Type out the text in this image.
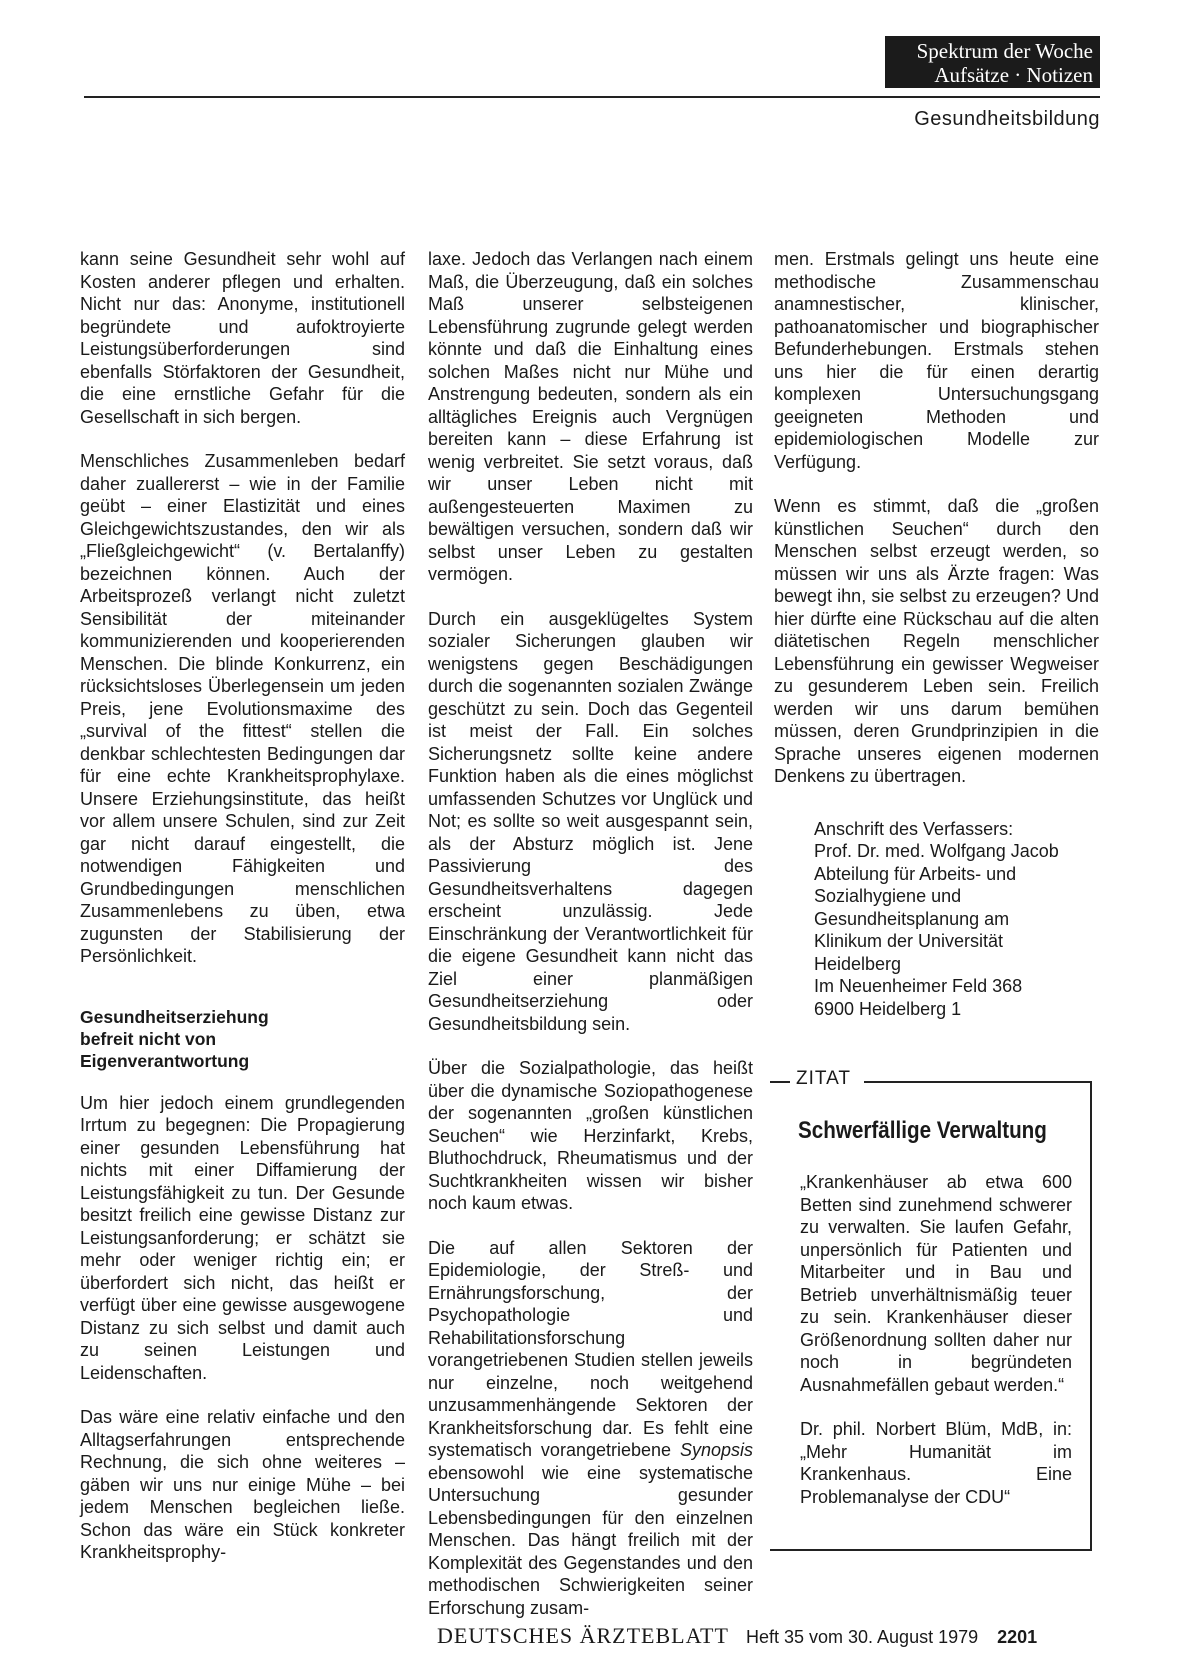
Spektrum der Woche
Aufsätze · Notizen
Gesundheitsbildung

kann seine Gesundheit sehr wohl auf Kosten anderer pflegen und erhalten. Nicht nur das: Anonyme, institutionell begründete und aufoktroyierte Leistungsüberforderungen sind ebenfalls Störfaktoren der Gesundheit, die eine ernstliche Gefahr für die Gesellschaft in sich bergen.

Menschliches Zusammenleben bedarf daher zuallererst – wie in der Familie geübt – einer Elastizität und eines Gleichgewichtszustandes, den wir als „Fließgleichgewicht“ (v. Bertalanffy) bezeichnen können. Auch der Arbeitsprozeß verlangt nicht zuletzt Sensibilität der miteinander kommunizierenden und kooperierenden Menschen. Die blinde Konkurrenz, ein rücksichtsloses Überlegensein um jeden Preis, jene Evolutionsmaxime des „survival of the fittest“ stellen die denkbar schlechtesten Bedingungen dar für eine echte Krankheitsprophylaxe. Unsere Erziehungsinstitute, das heißt vor allem unsere Schulen, sind zur Zeit gar nicht darauf eingestellt, die notwendigen Fähigkeiten und Grundbedingungen menschlichen Zusammenlebens zu üben, etwa zugunsten der Stabilisierung der Persönlichkeit.

Gesundheitserziehung
befreit nicht von
Eigenverantwortung

Um hier jedoch einem grundlegenden Irrtum zu begegnen: Die Propagierung einer gesunden Lebensführung hat nichts mit einer Diffamierung der Leistungsfähigkeit zu tun. Der Gesunde besitzt freilich eine gewisse Distanz zur Leistungsanforderung; er schätzt sie mehr oder weniger richtig ein; er überfordert sich nicht, das heißt er verfügt über eine gewisse ausgewogene Distanz zu sich selbst und damit auch zu seinen Leistungen und Leidenschaften.

Das wäre eine relativ einfache und den Alltagserfahrungen entsprechende Rechnung, die sich ohne weiteres – gäben wir uns nur einige Mühe – bei jedem Menschen begleichen ließe. Schon das wäre ein Stück konkreter Krankheitsprophy-

laxe. Jedoch das Verlangen nach einem Maß, die Überzeugung, daß ein solches Maß unserer selbsteigenen Lebensführung zugrunde gelegt werden könnte und daß die Einhaltung eines solchen Maßes nicht nur Mühe und Anstrengung bedeuten, sondern als ein alltägliches Ereignis auch Vergnügen bereiten kann – diese Erfahrung ist wenig verbreitet. Sie setzt voraus, daß wir unser Leben nicht mit außengesteuerten Maximen zu bewältigen versuchen, sondern daß wir selbst unser Leben zu gestalten vermögen.

Durch ein ausgeklügeltes System sozialer Sicherungen glauben wir wenigstens gegen Beschädigungen durch die sogenannten sozialen Zwänge geschützt zu sein. Doch das Gegenteil ist meist der Fall. Ein solches Sicherungsnetz sollte keine andere Funktion haben als die eines möglichst umfassenden Schutzes vor Unglück und Not; es sollte so weit ausgespannt sein, als der Absturz möglich ist. Jene Passivierung des Gesundheitsverhaltens dagegen erscheint unzulässig. Jede Einschränkung der Verantwortlichkeit für die eigene Gesundheit kann nicht das Ziel einer planmäßigen Gesundheitserziehung oder Gesundheitsbildung sein.

Über die Sozialpathologie, das heißt über die dynamische Soziopathogenese der sogenannten „großen künstlichen Seuchen“ wie Herzinfarkt, Krebs, Bluthochdruck, Rheumatismus und der Suchtkrankheiten wissen wir bisher noch kaum etwas.

Die auf allen Sektoren der Epidemiologie, der Streß- und Ernährungsforschung, der Psychopathologie und Rehabilitationsforschung vorangetriebenen Studien stellen jeweils nur einzelne, noch weitgehend unzusammenhängende Sektoren der Krankheitsforschung dar. Es fehlt eine systematisch vorangetriebene Synopsis ebensowohl wie eine systematische Untersuchung gesunder Lebensbedingungen für den einzelnen Menschen. Das hängt freilich mit der Komplexität des Gegenstandes und den methodischen Schwierigkeiten seiner Erforschung zusam-

men. Erstmals gelingt uns heute eine methodische Zusammenschau anamnestischer, klinischer, pathoanatomischer und biographischer Befunderhebungen. Erstmals stehen uns hier die für einen derartig komplexen Untersuchungsgang geeigneten Methoden und epidemiologischen Modelle zur Verfügung.

Wenn es stimmt, daß die „großen künstlichen Seuchen“ durch den Menschen selbst erzeugt werden, so müssen wir uns als Ärzte fragen: Was bewegt ihn, sie selbst zu erzeugen? Und hier dürfte eine Rückschau auf die alten diätetischen Regeln menschlicher Lebensführung ein gewisser Wegweiser zu gesunderem Leben sein. Freilich werden wir uns darum bemühen müssen, deren Grundprinzipien in die Sprache unseres eigenen modernen Denkens zu übertragen.

Anschrift des Verfassers:
Prof. Dr. med. Wolfgang Jacob
Abteilung für Arbeits- und
Sozialhygiene und
Gesundheitsplanung am
Klinikum der Universität
Heidelberg
Im Neuenheimer Feld 368
6900 Heidelberg 1
ZITAT
Schwerfällige Verwaltung

„Krankenhäuser ab etwa 600 Betten sind zunehmend schwerer zu verwalten. Sie laufen Gefahr, unpersönlich für Patienten und Mitarbeiter und in Bau und Betrieb unverhältnismäßig teuer zu sein. Krankenhäuser dieser Größenordnung sollten daher nur noch in begründeten Ausnahmefällen gebaut werden.“

Dr. phil. Norbert Blüm, MdB, in: „Mehr Humanität im Krankenhaus. Eine Problemanalyse der CDU“

DEUTSCHES ÄRZTEBLATT Heft 35 vom 30. August 1979 2201
